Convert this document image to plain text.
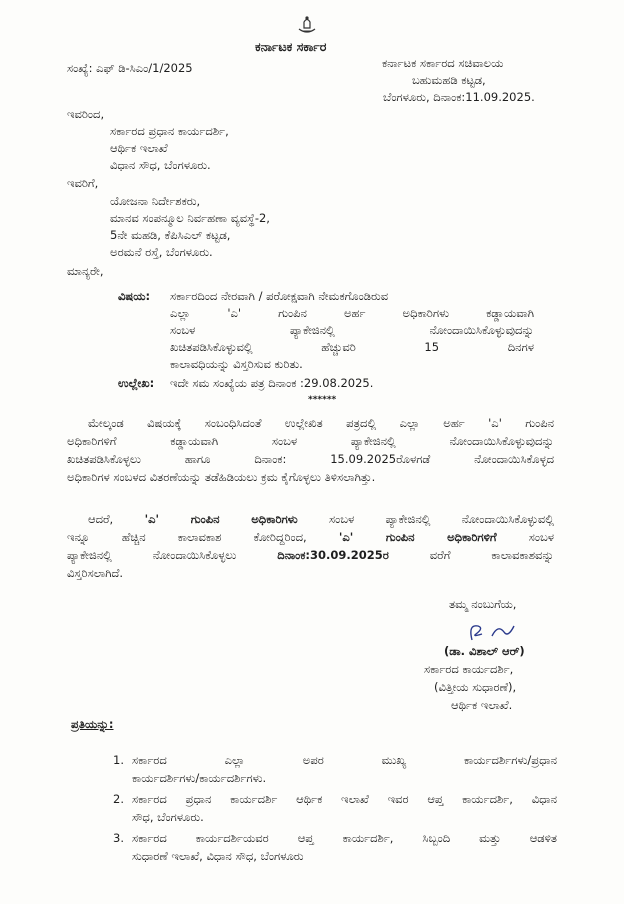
ಕರ್ನಾಟಕ ಸರ್ಕಾರ
ಸಂಖ್ಯೆ: ಎಫ್ ಡಿ-ಸಿಎಂ/1/2025	ಕರ್ನಾಟಕ ಸರ್ಕಾರದ ಸಚಿವಾಲಯ
ಬಹುಮಹಡಿ ಕಟ್ಟಡ,
ಬೆಂಗಳೂರು, ದಿನಾಂಕ:11.09.2025.
ಇವರಿಂದ,
ಸರ್ಕಾರದ ಪ್ರಧಾನ ಕಾರ್ಯದರ್ಶಿ,
ಆರ್ಥಿಕ ಇಲಾಖೆ
ವಿಧಾನ ಸೌಧ, ಬೆಂಗಳೂರು.
ಇವರಿಗೆ,
ಯೋಜನಾ ನಿರ್ದೇಶಕರು,
ಮಾನವ ಸಂಪನ್ಮೂಲ ನಿರ್ವಹಣಾ ವ್ಯವಸ್ಥೆ-2,
5ನೇ ಮಹಡಿ, ಕೆಪಿಸಿಎಲ್ ಕಟ್ಟಡ,
ಅರಮನೆ ರಸ್ತೆ, ಬೆಂಗಳೂರು.
ಮಾನ್ಯರೇ,
ವಿಷಯ: ಸರ್ಕಾರದಿಂದ ನೇರವಾಗಿ / ಪರೋಕ್ಷವಾಗಿ ನೇಮಕಗೊಂಡಿರುವ
ಎಲ್ಲಾ 'ಎ' ಗುಂಪಿನ ಅರ್ಹ ಅಧಿಕಾರಿಗಳು ಕಡ್ಡಾಯವಾಗಿ
ಸಂಬಳ ಪ್ಯಾಕೇಜಿನಲ್ಲಿ ನೋಂದಾಯಿಸಿಕೊಳ್ಳುವುದನ್ನು
ಖಚಿತಪಡಿಸಿಕೊಳ್ಳುವಲ್ಲಿ ಹೆಚ್ಚುವರಿ 15 ದಿನಗಳ
ಕಾಲಾವಧಿಯನ್ನು ವಿಸ್ತರಿಸುವ ಕುರಿತು.
ಉಲ್ಲೇಖ: ಇದೇ ಸಮ ಸಂಖ್ಯೆಯ ಪತ್ರ ದಿನಾಂಕ :29.08.2025.
******
ಮೇಲ್ಕಂಡ ವಿಷಯಕ್ಕೆ ಸಂಬಂಧಿಸಿದಂತೆ ಉಲ್ಲೇಖಿತ ಪತ್ರದಲ್ಲಿ ಎಲ್ಲಾ ಅರ್ಹ 'ಎ' ಗುಂಪಿನ
ಅಧಿಕಾರಿಗಳಿಗೆ ಕಡ್ಡಾಯವಾಗಿ ಸಂಬಳ ಪ್ಯಾಕೇಜಿನಲ್ಲಿ ನೋಂದಾಯಿಸಿಕೊಳ್ಳುವುದನ್ನು
ಖಚಿತಪಡಿಸಿಕೊಳ್ಳಲು ಹಾಗೂ ದಿನಾಂಕ: 15.09.2025ರೊಳಗಡೆ ನೋಂದಾಯಿಸಿಕೊಳ್ಳದ
ಅಧಿಕಾರಿಗಳ ಸಂಬಳದ ವಿತರಣೆಯನ್ನು ತಡೆಹಿಡಿಯಲು ಕ್ರಮ ಕೈಗೊಳ್ಳಲು ತಿಳಿಸಲಾಗಿತ್ತು.
ಆದರೆ, 'ಎ' ಗುಂಪಿನ ಅಧಿಕಾರಿಗಳು ಸಂಬಳ ಪ್ಯಾಕೇಜಿನಲ್ಲಿ ನೋಂದಾಯಿಸಿಕೊಳ್ಳುವಲ್ಲಿ
ಇನ್ನೂ ಹೆಚ್ಚಿನ ಕಾಲಾವಕಾಶ ಕೋರಿದ್ದರಿಂದ, 'ಎ' ಗುಂಪಿನ ಅಧಿಕಾರಿಗಳಿಗೆ ಸಂಬಳ
ಪ್ಯಾಕೇಜಿನಲ್ಲಿ ನೋಂದಾಯಿಸಿಕೊಳ್ಳಲು ದಿನಾಂಕ:30.09.2025ರ ವರೆಗೆ ಕಾಲಾವಕಾಶವನ್ನು
ವಿಸ್ತರಿಸಲಾಗಿದೆ.
ತಮ್ಮ ನಂಬುಗೆಯ,
(ಡಾ. ವಿಶಾಲ್ ಆರ್)
ಸರ್ಕಾರದ ಕಾರ್ಯದರ್ಶಿ,
(ವಿತ್ತೀಯ ಸುಧಾರಣೆ),
ಆರ್ಥಿಕ ಇಲಾಖೆ.
ಪ್ರತಿಯನ್ನು:
1. ಸರ್ಕಾರದ ಎಲ್ಲಾ ಅಪರ ಮುಖ್ಯ ಕಾರ್ಯದರ್ಶಿಗಳು/ಪ್ರಧಾನ
ಕಾರ್ಯದರ್ಶಿಗಳು/ಕಾರ್ಯದರ್ಶಿಗಳು.
2. ಸರ್ಕಾರದ ಪ್ರಧಾನ ಕಾರ್ಯದರ್ಶಿ ಆರ್ಥಿಕ ಇಲಾಖೆ ಇವರ ಆಪ್ತ ಕಾರ್ಯದರ್ಶಿ, ವಿಧಾನ
ಸೌಧ, ಬೆಂಗಳೂರು.
3. ಸರ್ಕಾರದ ಕಾರ್ಯದರ್ಶಿಯವರ ಆಪ್ತ ಕಾರ್ಯದರ್ಶಿ, ಸಿಬ್ಬಂದಿ ಮತ್ತು ಆಡಳಿತ
ಸುಧಾರಣೆ ಇಲಾಖೆ, ವಿಧಾನ ಸೌಧ, ಬೆಂಗಳೂರು
